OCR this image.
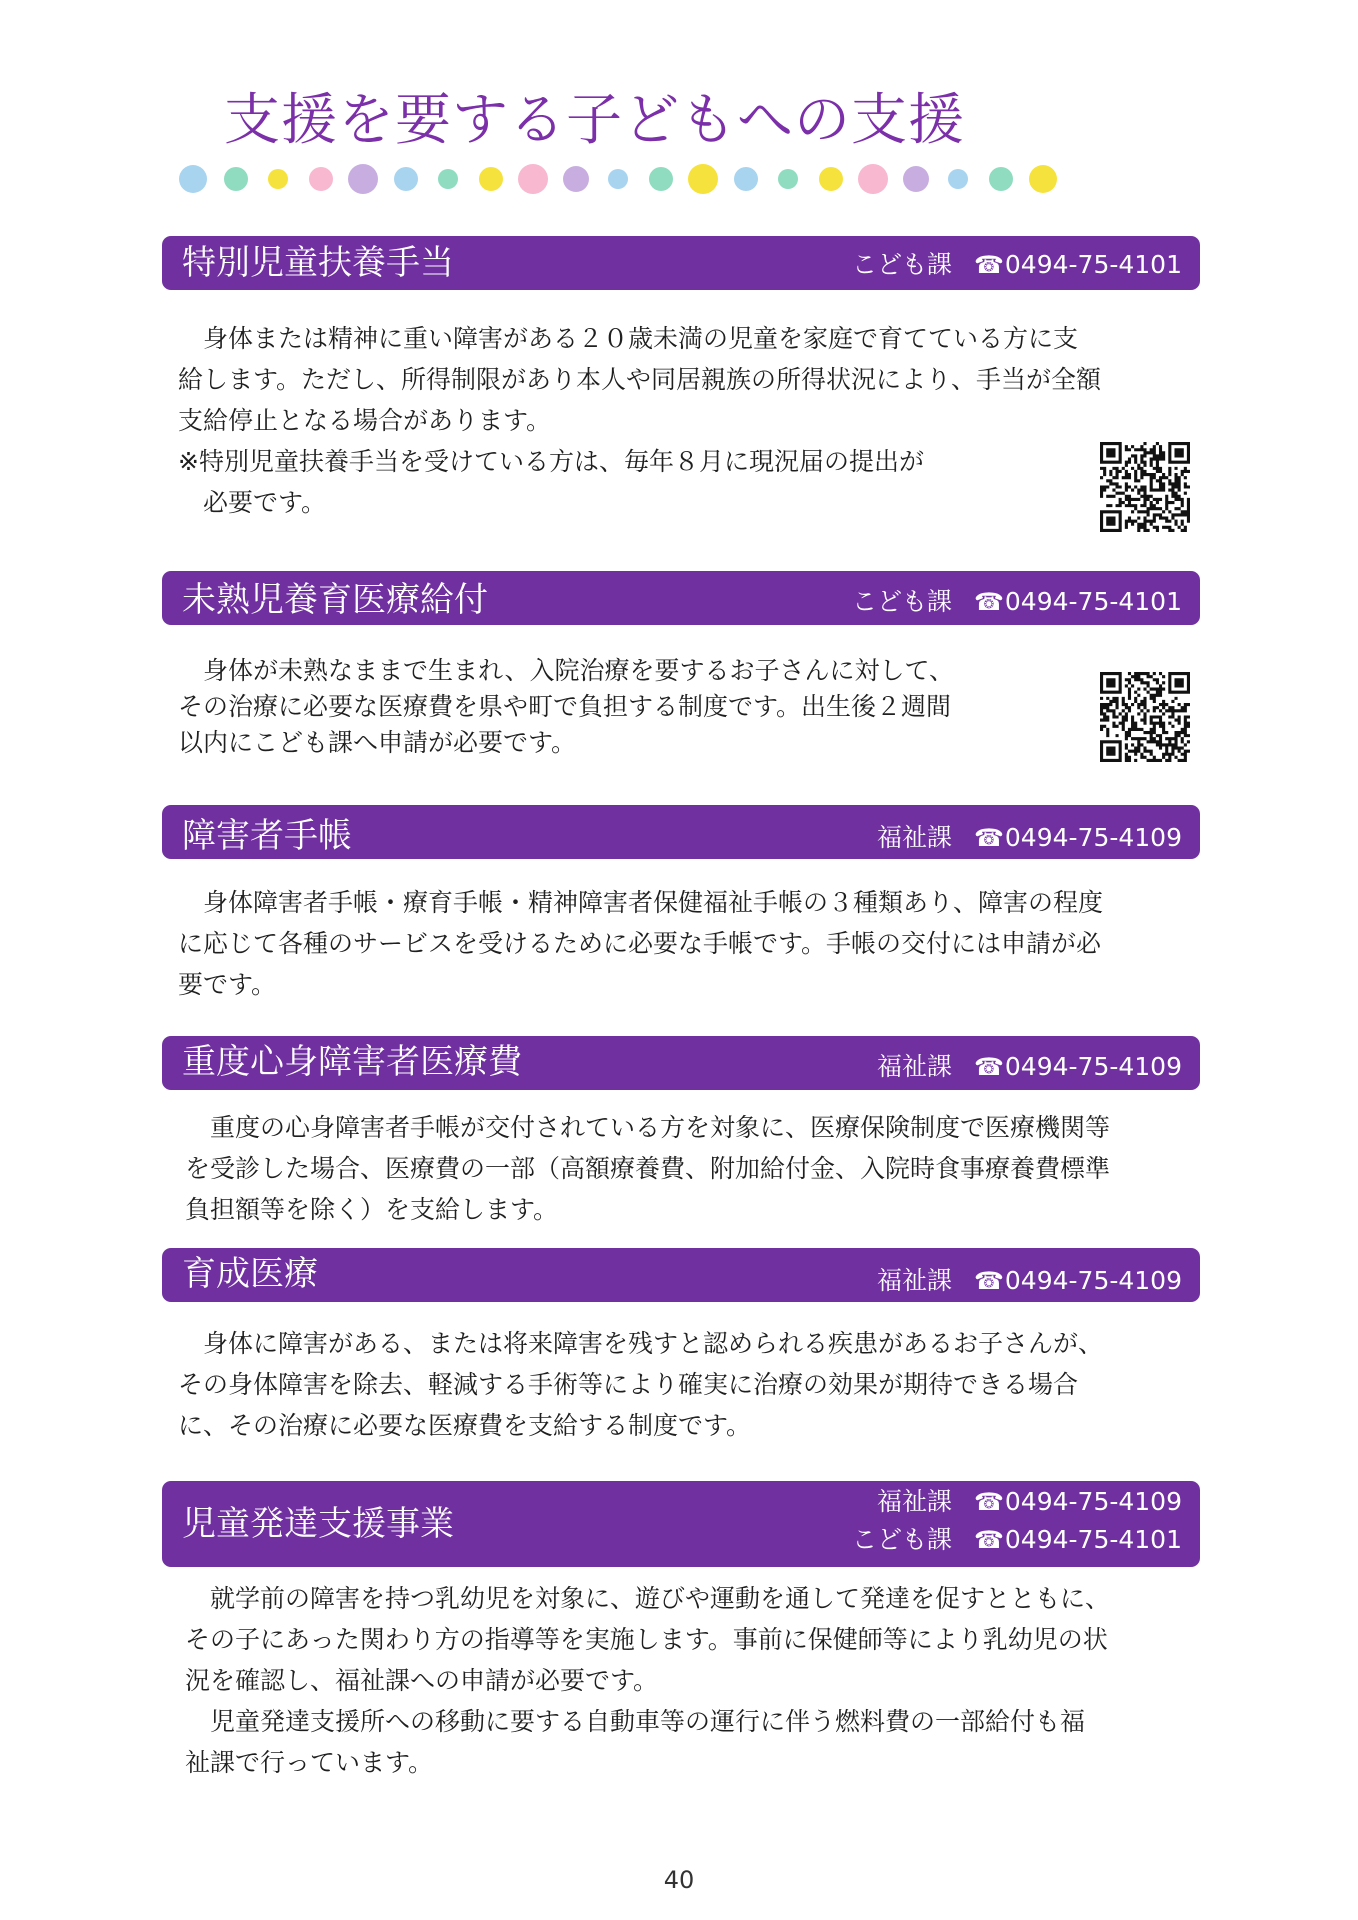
支援を要する子どもへの支援
特別児童扶養手当	こども課 ☎ 0494-75-4101

　身体または精神に重い障害がある２０歳未満の児童を家庭で育てている方に支

給します。ただし、所得制限があり本人や同居親族の所得状況により、手当が全額

支給停止となる場合があります。

※特別児童扶養手当を受けている方は、毎年８月に現況届の提出が

　必要です。

未熟児養育医療給付	こども課 ☎ 0494-75-4101

　身体が未熟なままで生まれ、入院治療を要するお子さんに対して、

その治療に必要な医療費を県や町で負担する制度です。出生後２週間

以内にこども課へ申請が必要です。

障害者手帳	福祉課 ☎ 0494-75-4109

　身体障害者手帳・療育手帳・精神障害者保健福祉手帳の３種類あり、障害の程度

に応じて各種のサービスを受けるために必要な手帳です。手帳の交付には申請が必

要です。

重度心身障害者医療費	福祉課 ☎ 0494-75-4109

　重度の心身障害者手帳が交付されている方を対象に、医療保険制度で医療機関等

を受診した場合、医療費の一部（高額療養費、附加給付金、入院時食事療養費標準

負担額等を除く）を支給します。

育成医療	福祉課 ☎ 0494-75-4109

　身体に障害がある、または将来障害を残すと認められる疾患があるお子さんが、

その身体障害を除去、軽減する手術等により確実に治療の効果が期待できる場合

に、その治療に必要な医療費を支給する制度です。

児童発達支援事業
福祉課 ☎ 0494-75-4109
こども課 ☎ 0494-75-4101

　就学前の障害を持つ乳幼児を対象に、遊びや運動を通して発達を促すとともに、

その子にあった関わり方の指導等を実施します。事前に保健師等により乳幼児の状

況を確認し、福祉課への申請が必要です。

　児童発達支援所への移動に要する自動車等の運行に伴う燃料費の一部給付も福

祉課で行っています。

40
